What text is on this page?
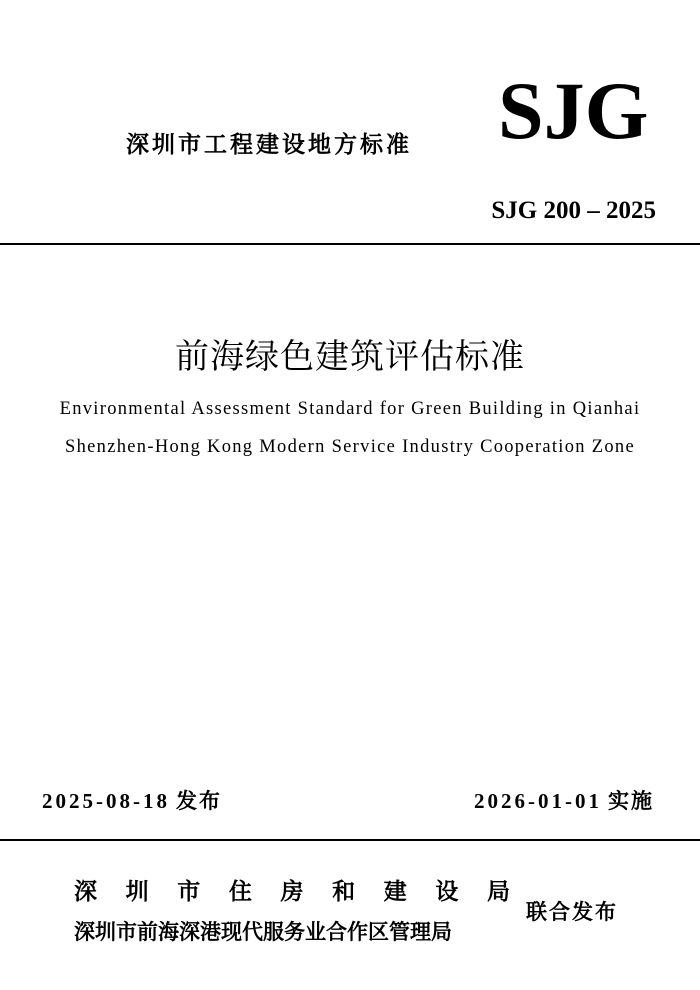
深圳市工程建设地方标准 SJG
SJG 200 – 2025
前海绿色建筑评估标准
Environmental Assessment Standard for Green Building in Qianhai
Shenzhen-Hong Kong Modern Service Industry Cooperation Zone
2025-08-18 发布	2026-01-01 实施
深 圳 市 住 房 和 建 设 局
深圳市前海深港现代服务业合作区管理局
联合发布
